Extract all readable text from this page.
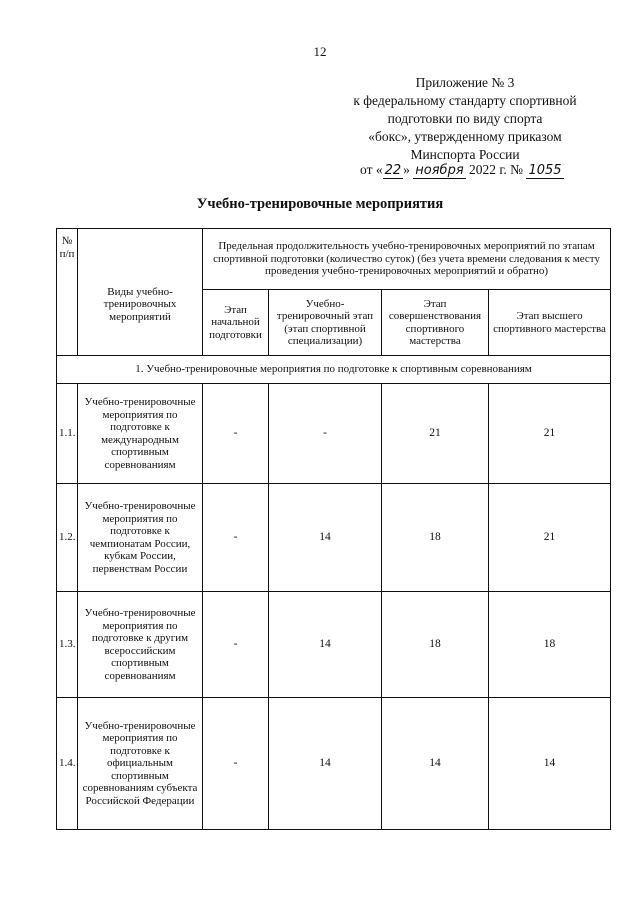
12
Приложение № 3
к федеральному стандарту спортивной
подготовки по виду спорта
«бокс», утвержденному приказом
Минспорта России
от « 22 » ноября 2022 г. № 1055
Учебно-тренировочные мероприятия
№ п/п	Виды учебно-тренировочных мероприятий	Предельная продолжительность учебно-тренировочных мероприятий по этапам спортивной подготовки (количество суток) (без учета времени следования к месту проведения учебно-тренировочных мероприятий и обратно)			
		Этап начальной подготовки	Учебно-тренировочный этап (этап спортивной специализации)	Этап совершенствования спортивного мастерства	Этап высшего спортивного мастерства
1. Учебно-тренировочные мероприятия по подготовке к спортивным соревнованиям					
1.1.	Учебно-тренировочные мероприятия по подготовке к международным спортивным соревнованиям	-	-	21	21
1.2.	Учебно-тренировочные мероприятия по подготовке к чемпионатам России, кубкам России, первенствам России	-	14	18	21
1.3.	Учебно-тренировочные мероприятия по подготовке к другим всероссийским спортивным соревнованиям	-	14	18	18
1.4.	Учебно-тренировочные мероприятия по подготовке к официальным спортивным соревнованиям субъекта Российской Федерации	-	14	14	14
